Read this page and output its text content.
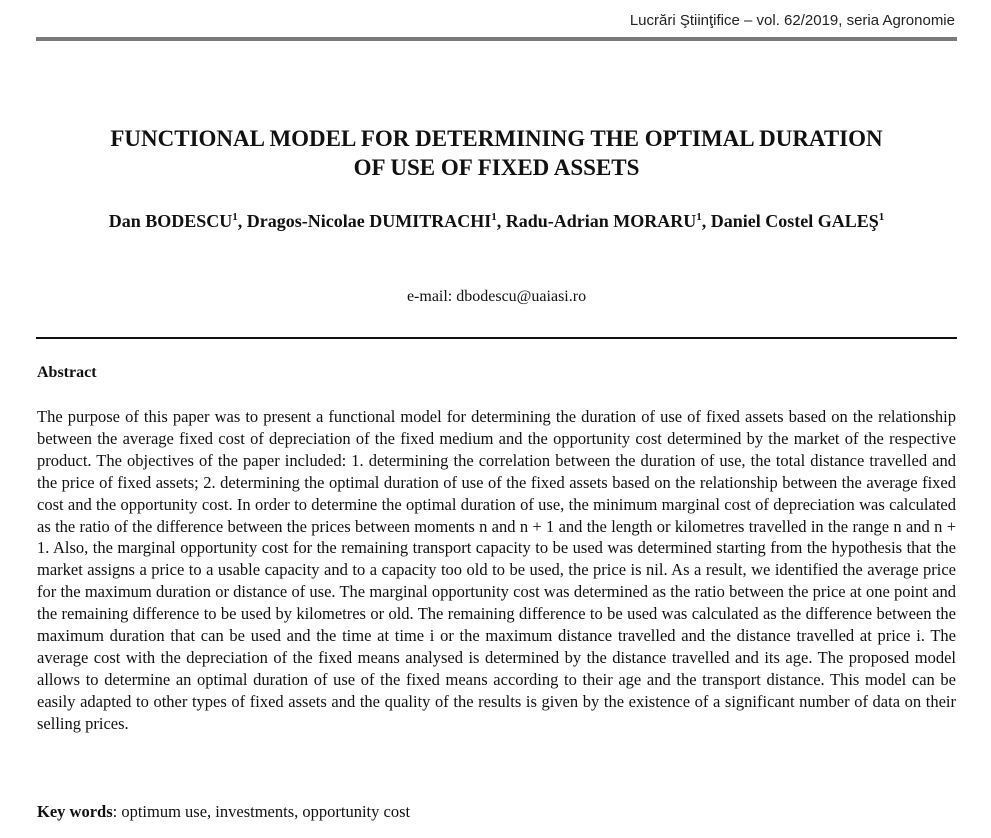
Lucrări Ştiinţifice – vol. 62/2019, seria Agronomie
FUNCTIONAL MODEL FOR DETERMINING THE OPTIMAL DURATION
OF USE OF FIXED ASSETS
Dan BODESCU$^1$, Dragos-Nicolae DUMITRACHI$^1$, Radu-Adrian MORARU$^1$, Daniel Costel GALEŞ$^1$
e-mail: dbodescu@uaiasi.ro
Abstract

The purpose of this paper was to present a functional model for determining the duration of use of fixed assets based on the relationship between the average fixed cost of depreciation of the fixed medium and the opportunity cost determined by the market of the respective product. The objectives of the paper included: 1. determining the correlation between the duration of use, the total distance travelled and the price of fixed assets; 2. determining the optimal duration of use of the fixed assets based on the relationship between the average fixed cost and the opportunity cost. In order to determine the optimal duration of use, the minimum marginal cost of depreciation was calculated as the ratio of the difference between the prices between moments n and n + 1 and the length or kilometres travelled in the range n and n + 1. Also, the marginal opportunity cost for the remaining transport capacity to be used was determined starting from the hypothesis that the market assigns a price to a usable capacity and to a capacity too old to be used, the price is nil. As a result, we identified the average price for the maximum duration or distance of use. The marginal opportunity cost was determined as the ratio between the price at one point and the remaining difference to be used by kilometres or old. The remaining difference to be used was calculated as the difference between the maximum duration that can be used and the time at time i or the maximum distance travelled and the distance travelled at price i. The average cost with the depreciation of the fixed means analysed is determined by the distance travelled and its age. The proposed model allows to determine an optimal duration of use of the fixed means according to their age and the transport distance. This model can be easily adapted to other types of fixed assets and the quality of the results is given by the existence of a significant number of data on their selling prices.

Key words: optimum use, investments, opportunity cost
